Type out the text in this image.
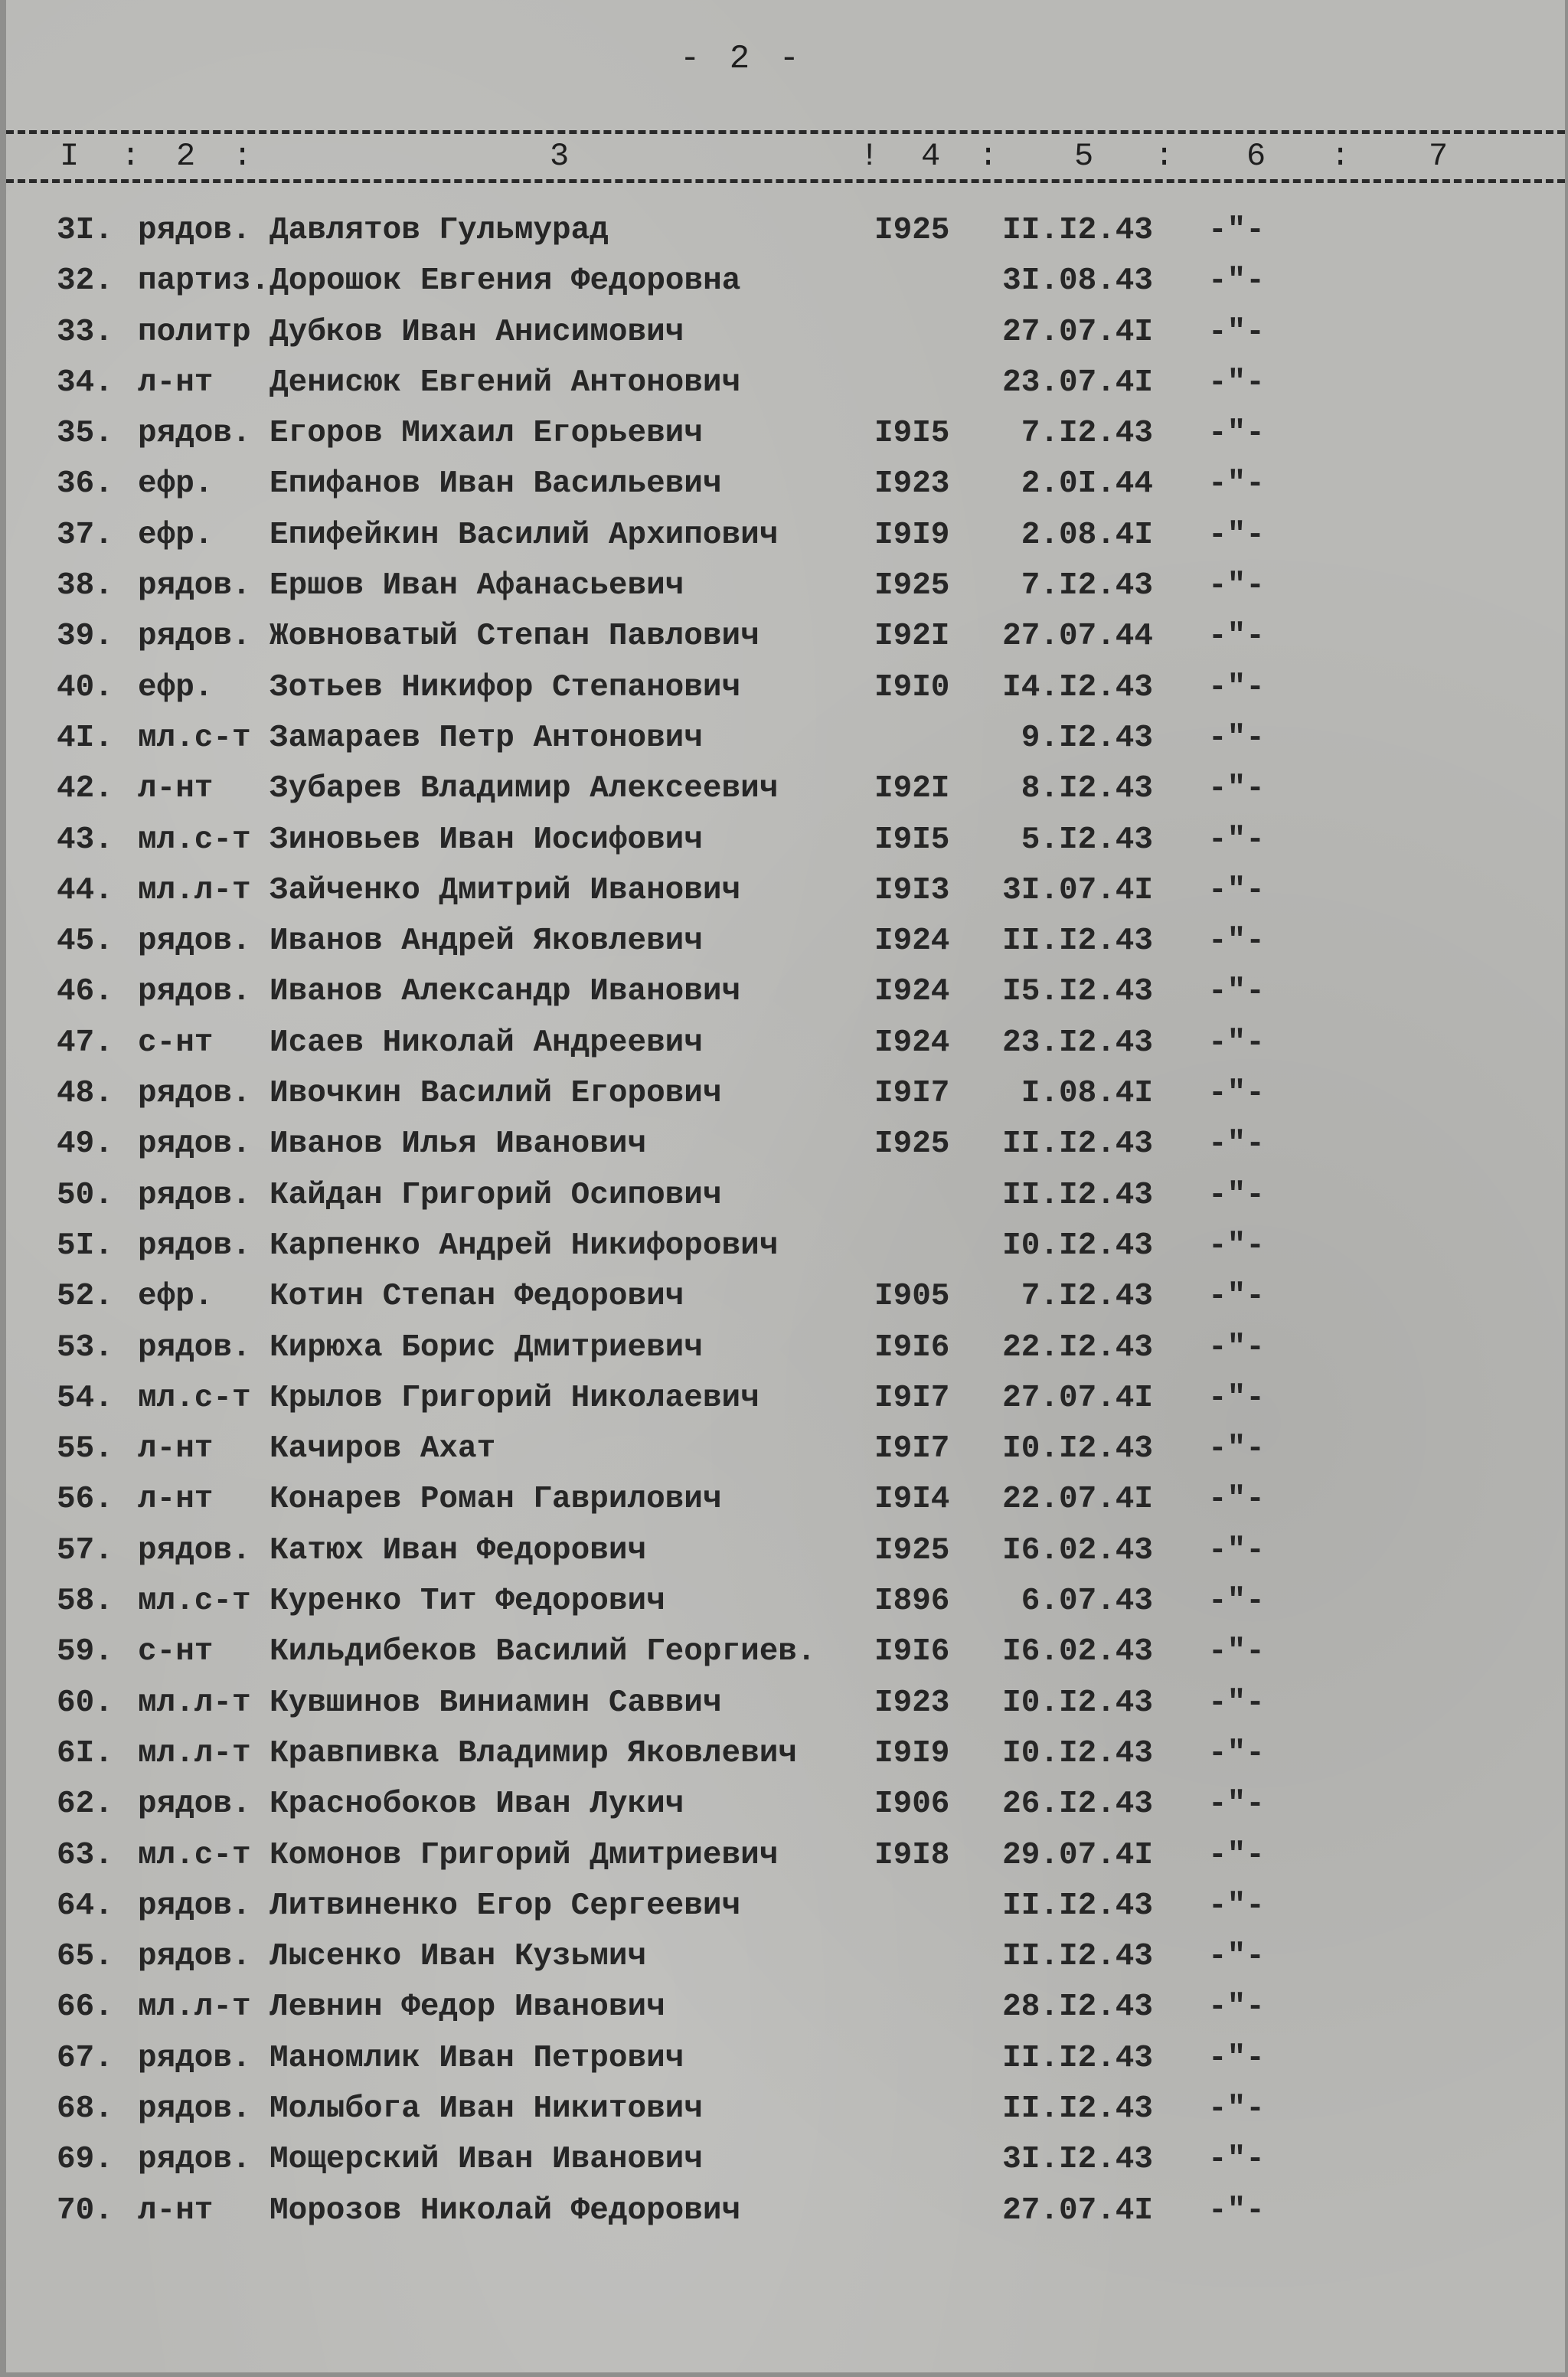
- 2 -
I : 2 :	3	! 4 : 5 : 6 : 7
3I. рядов. Давлятов Гульмурад	I925	II.I2.43 -"-
32. партиз.Дорошок Евгения Федоровна	3I.08.43 -"-
33. политр Дубков Иван Анисимович	27.07.4I -"-
34. л-нт Денисюк Евгений Антонович	23.07.4I -"-
35. рядов. Егоров Михаил Егорьевич	I9I5	7.I2.43 -"-
36. ефр. Епифанов Иван Васильевич	I923	2.0I.44 -"-
37. ефр. Епифейкин Василий Архипович	I9I9	2.08.4I -"-
38. рядов. Ершов Иван Афанасьевич	I925	7.I2.43 -"-
39. рядов. Жовноватый Степан Павлович	I92I	27.07.44 -"-
40. ефр. Зотьев Никифор Степанович	I9I0	I4.I2.43 -"-
4I. мл.с-т Замараев Петр Антонович	9.I2.43 -"-
42. л-нт Зубарев Владимир Алексеевич	I92I	8.I2.43 -"-
43. мл.с-т Зиновьев Иван Иосифович	I9I5	5.I2.43 -"-
44. мл.л-т Зайченко Дмитрий Иванович	I9I3	3I.07.4I -"-
45. рядов. Иванов Андрей Яковлевич	I924	II.I2.43 -"-
46. рядов. Иванов Александр Иванович	I924	I5.I2.43 -"-
47. с-нт Исаев Николай Андреевич	I924	23.I2.43 -"-
48. рядов. Ивочкин Василий Егорович	I9I7	I.08.4I -"-
49. рядов. Иванов Илья Иванович	I925	II.I2.43 -"-
50. рядов. Кайдан Григорий Осипович	II.I2.43 -"-
5I. рядов. Карпенко Андрей Никифорович	I0.I2.43 -"-
52. ефр. Котин Степан Федорович	I905	7.I2.43 -"-
53. рядов. Кирюха Борис Дмитриевич	I9I6	22.I2.43 -"-
54. мл.с-т Крылов Григорий Николаевич	I9I7	27.07.4I -"-
55. л-нт Качиров Ахат	I9I7	I0.I2.43 -"-
56. л-нт Конарев Роман Гаврилович	I9I4	22.07.4I -"-
57. рядов. Катюх Иван Федорович	I925	I6.02.43 -"-
58. мл.с-т Куренко Тит Федорович	I896	6.07.43 -"-
59. с-нт Кильдибеков Василий Георгиев. I9I6	I6.02.43 -"-
60. мл.л-т Кувшинов Виниамин Саввич	I923	I0.I2.43 -"-
6I. мл.л-т Кравпивка Владимир Яковлевич I9I9	I0.I2.43 -"-
62. рядов. Краснобоков Иван Лукич	I906	26.I2.43 -"-
63. мл.с-т Комонов Григорий Дмитриевич	I9I8	29.07.4I -"-
64. рядов. Литвиненко Егор Сергеевич	II.I2.43 -"-
65. рядов. Лысенко Иван Кузьмич	II.I2.43 -"-
66. мл.л-т Левнин Федор Иванович	28.I2.43 -"-
67. рядов. Маномлик Иван Петрович	II.I2.43 -"-
68. рядов. Молыбога Иван Никитович	II.I2.43 -"-
69. рядов. Мощерский Иван Иванович	3I.I2.43 -"-
70. л-нт Морозов Николай Федорович	27.07.4I -"-
